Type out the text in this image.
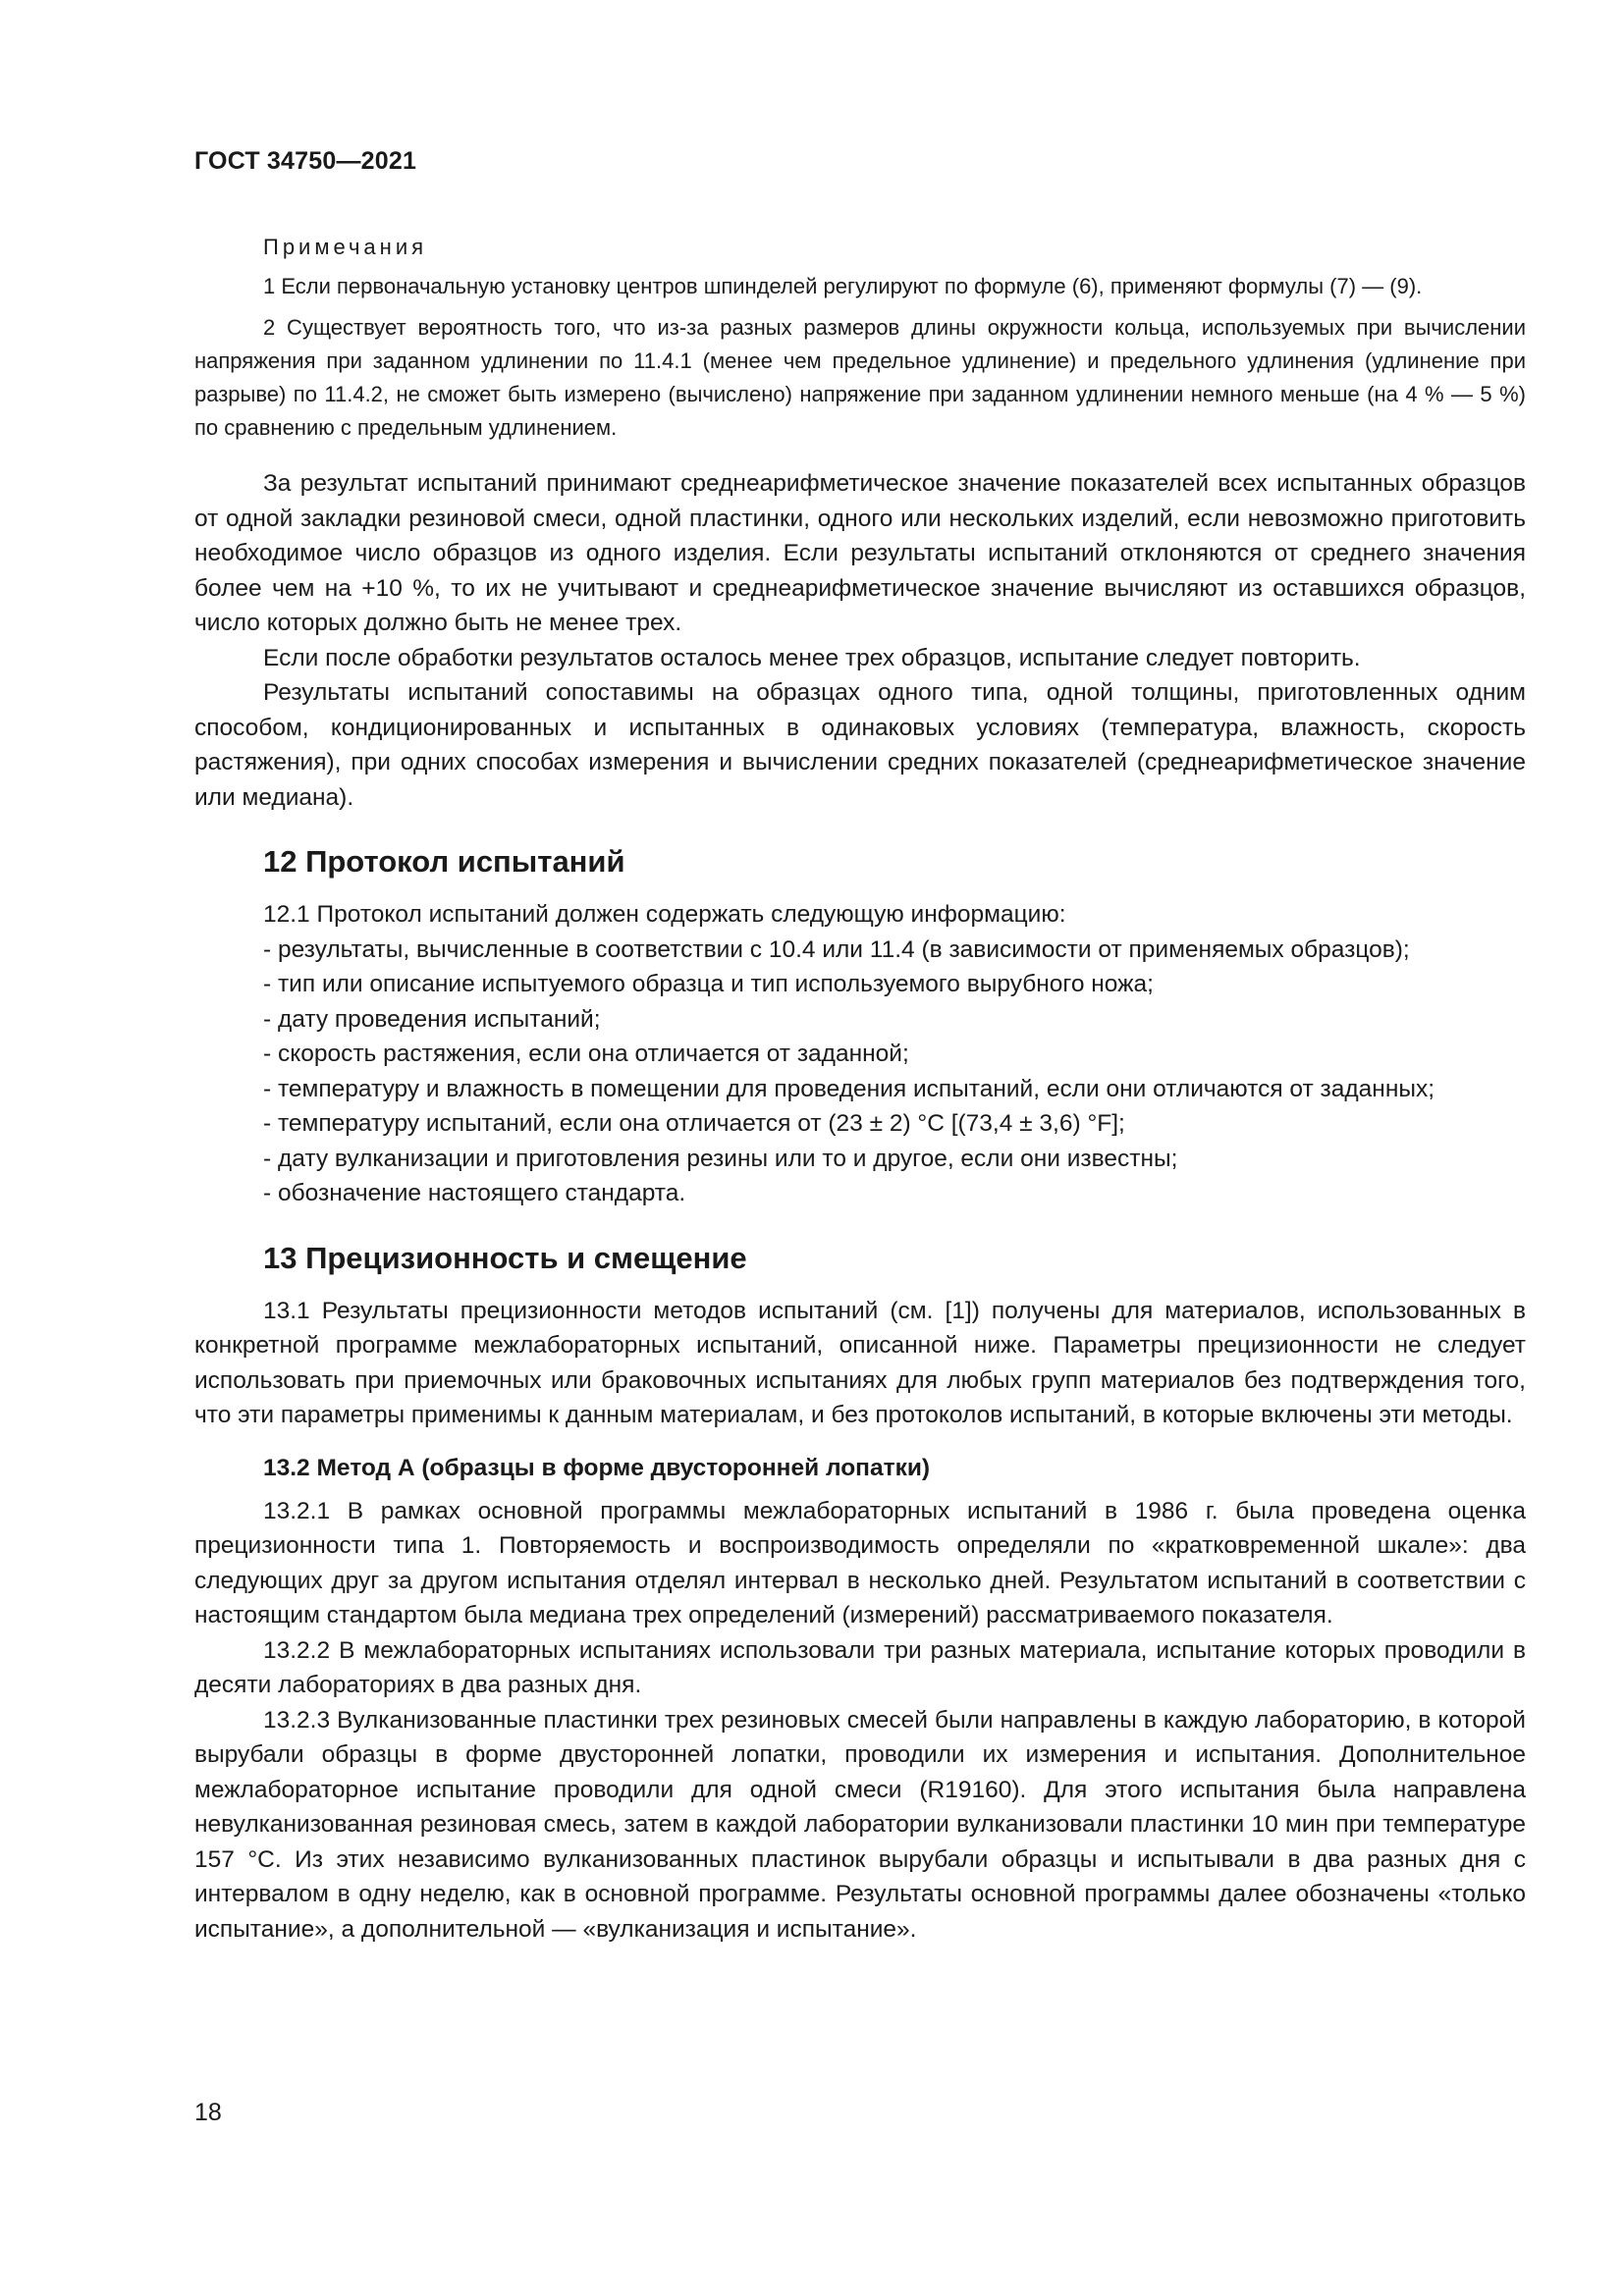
ГОСТ 34750—2021
Примечания
1 Если первоначальную установку центров шпинделей регулируют по формуле (6), применяют формулы (7) — (9).
2 Существует вероятность того, что из-за разных размеров длины окружности кольца, используемых при вычислении напряжения при заданном удлинении по 11.4.1 (менее чем предельное удлинение) и предельного удлинения (удлинение при разрыве) по 11.4.2, не сможет быть измерено (вычислено) напряжение при заданном удлинении немного меньше (на 4 % — 5 %) по сравнению с предельным удлинением.
За результат испытаний принимают среднеарифметическое значение показателей всех испытанных образцов от одной закладки резиновой смеси, одной пластинки, одного или нескольких изделий, если невозможно приготовить необходимое число образцов из одного изделия. Если результаты испытаний отклоняются от среднего значения более чем на +10 %, то их не учитывают и среднеарифметическое значение вычисляют из оставшихся образцов, число которых должно быть не менее трех.
Если после обработки результатов осталось менее трех образцов, испытание следует повторить.
Результаты испытаний сопоставимы на образцах одного типа, одной толщины, приготовленных одним способом, кондиционированных и испытанных в одинаковых условиях (температура, влажность, скорость растяжения), при одних способах измерения и вычислении средних показателей (среднеарифметическое значение или медиана).
12 Протокол испытаний
12.1 Протокол испытаний должен содержать следующую информацию:
- результаты, вычисленные в соответствии с 10.4 или 11.4 (в зависимости от применяемых образцов);
- тип или описание испытуемого образца и тип используемого вырубного ножа;
- дату проведения испытаний;
- скорость растяжения, если она отличается от заданной;
- температуру и влажность в помещении для проведения испытаний, если они отличаются от заданных;
- температуру испытаний, если она отличается от (23 ± 2) °С [(73,4 ± 3,6) °F];
- дату вулканизации и приготовления резины или то и другое, если они известны;
- обозначение настоящего стандарта.
13 Прецизионность и смещение
13.1 Результаты прецизионности методов испытаний (см. [1]) получены для материалов, использованных в конкретной программе межлабораторных испытаний, описанной ниже. Параметры прецизионности не следует использовать при приемочных или браковочных испытаниях для любых групп материалов без подтверждения того, что эти параметры применимы к данным материалам, и без протоколов испытаний, в которые включены эти методы.
13.2 Метод А (образцы в форме двусторонней лопатки)
13.2.1 В рамках основной программы межлабораторных испытаний в 1986 г. была проведена оценка прецизионности типа 1. Повторяемость и воспроизводимость определяли по «кратковременной шкале»: два следующих друг за другом испытания отделял интервал в несколько дней. Результатом испытаний в соответствии с настоящим стандартом была медиана трех определений (измерений) рассматриваемого показателя.
13.2.2 В межлабораторных испытаниях использовали три разных материала, испытание которых проводили в десяти лабораториях в два разных дня.
13.2.3 Вулканизованные пластинки трех резиновых смесей были направлены в каждую лабораторию, в которой вырубали образцы в форме двусторонней лопатки, проводили их измерения и испытания. Дополнительное межлабораторное испытание проводили для одной смеси (R19160). Для этого испытания была направлена невулканизованная резиновая смесь, затем в каждой лаборатории вулканизовали пластинки 10 мин при температуре 157 °С. Из этих независимо вулканизованных пластинок вырубали образцы и испытывали в два разных дня с интервалом в одну неделю, как в основной программе. Результаты основной программы далее обозначены «только испытание», а дополнительной — «вулканизация и испытание».
18
